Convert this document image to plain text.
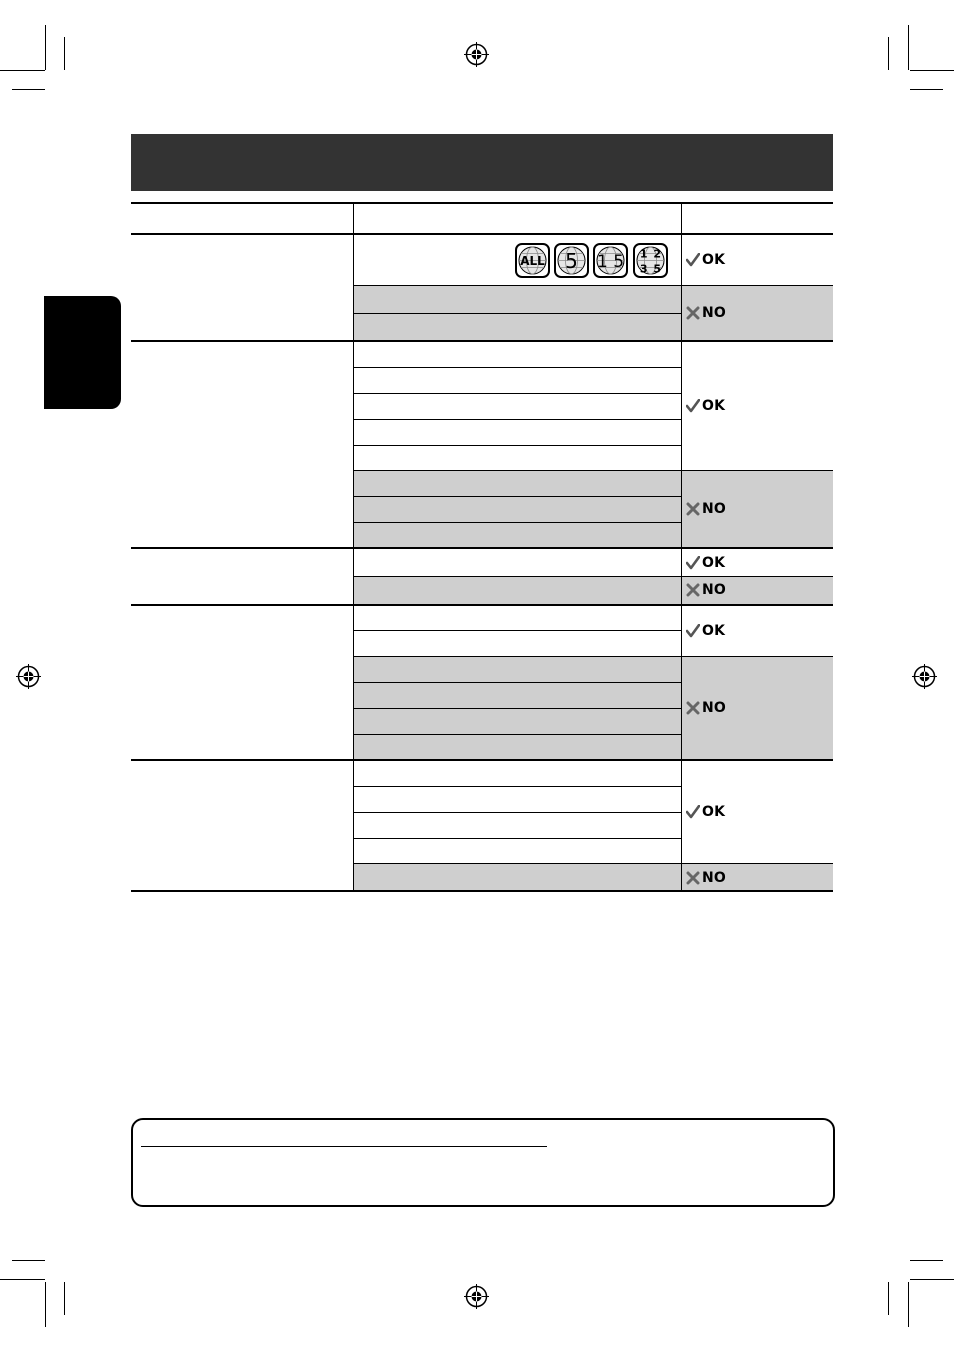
ALL 5 1 5 1 2
3 5
OK
OK
OK
OK
OK
NO
NO
NO
NO
NO
